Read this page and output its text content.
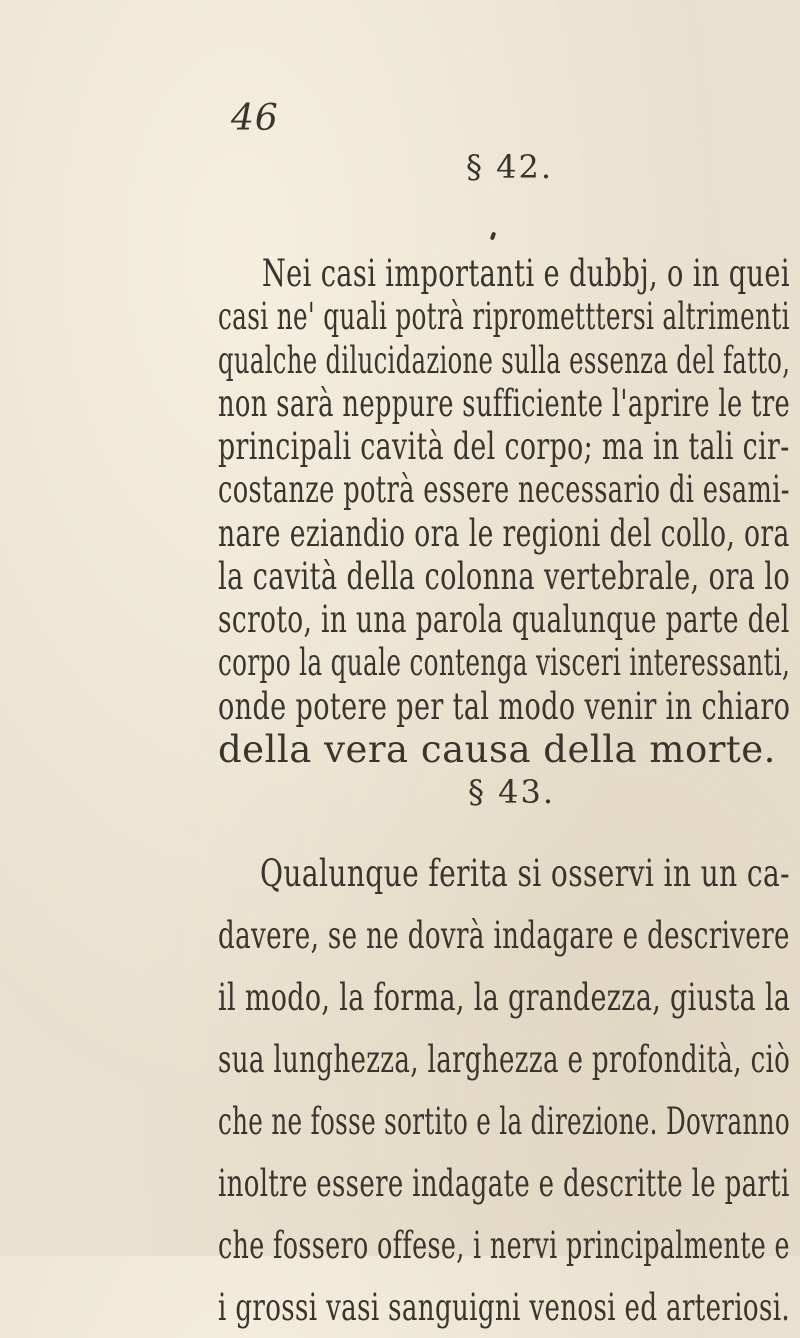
46
§ 42.
Nei casi importanti e dubbj, o in quei
casi ne' quali potrà riprometttersi altrimenti
qualche dilucidazione sulla essenza del fatto,
non sarà neppure sufficiente l'aprire le tre
principali cavità del corpo; ma in tali cir-
costanze potrà essere necessario di esami-
nare eziandio ora le regioni del collo, ora
la cavità della colonna vertebrale, ora lo
scroto, in una parola qualunque parte del
corpo la quale contenga visceri interessanti,
onde potere per tal modo venir in chiaro
della vera causa della morte.
§ 43.
Qualunque ferita si osservi in un ca-
davere, se ne dovrà indagare e descrivere
il modo, la forma, la grandezza, giusta la
sua lunghezza, larghezza e profondità, ciò
che ne fosse sortito e la direzione. Dovranno
inoltre essere indagate e descritte le parti
che fossero offese, i nervi principalmente e
i grossi vasi sanguigni venosi ed arteriosi.
